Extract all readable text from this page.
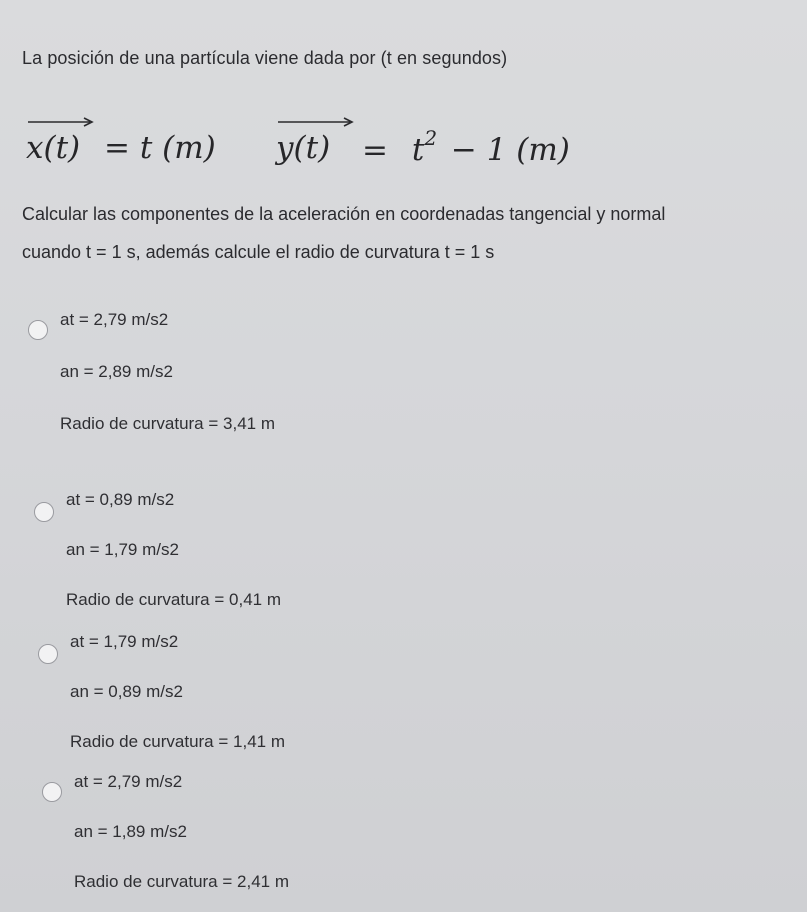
La posición de una partícula viene dada por (t en segundos)
x(t) = t (m) $y(t) = t^2 - 1$ (m)
Calcular las componentes de la aceleración en coordenadas tangencial y normal
cuando t = 1 s, además calcule el radio de curvatura t = 1 s
at = 2,79 m/s2
an = 2,89 m/s2
Radio de curvatura = 3,41 m
at = 0,89 m/s2
an = 1,79 m/s2
Radio de curvatura = 0,41 m
at = 1,79 m/s2
an = 0,89 m/s2
Radio de curvatura = 1,41 m
at = 2,79 m/s2
an = 1,89 m/s2
Radio de curvatura = 2,41 m
